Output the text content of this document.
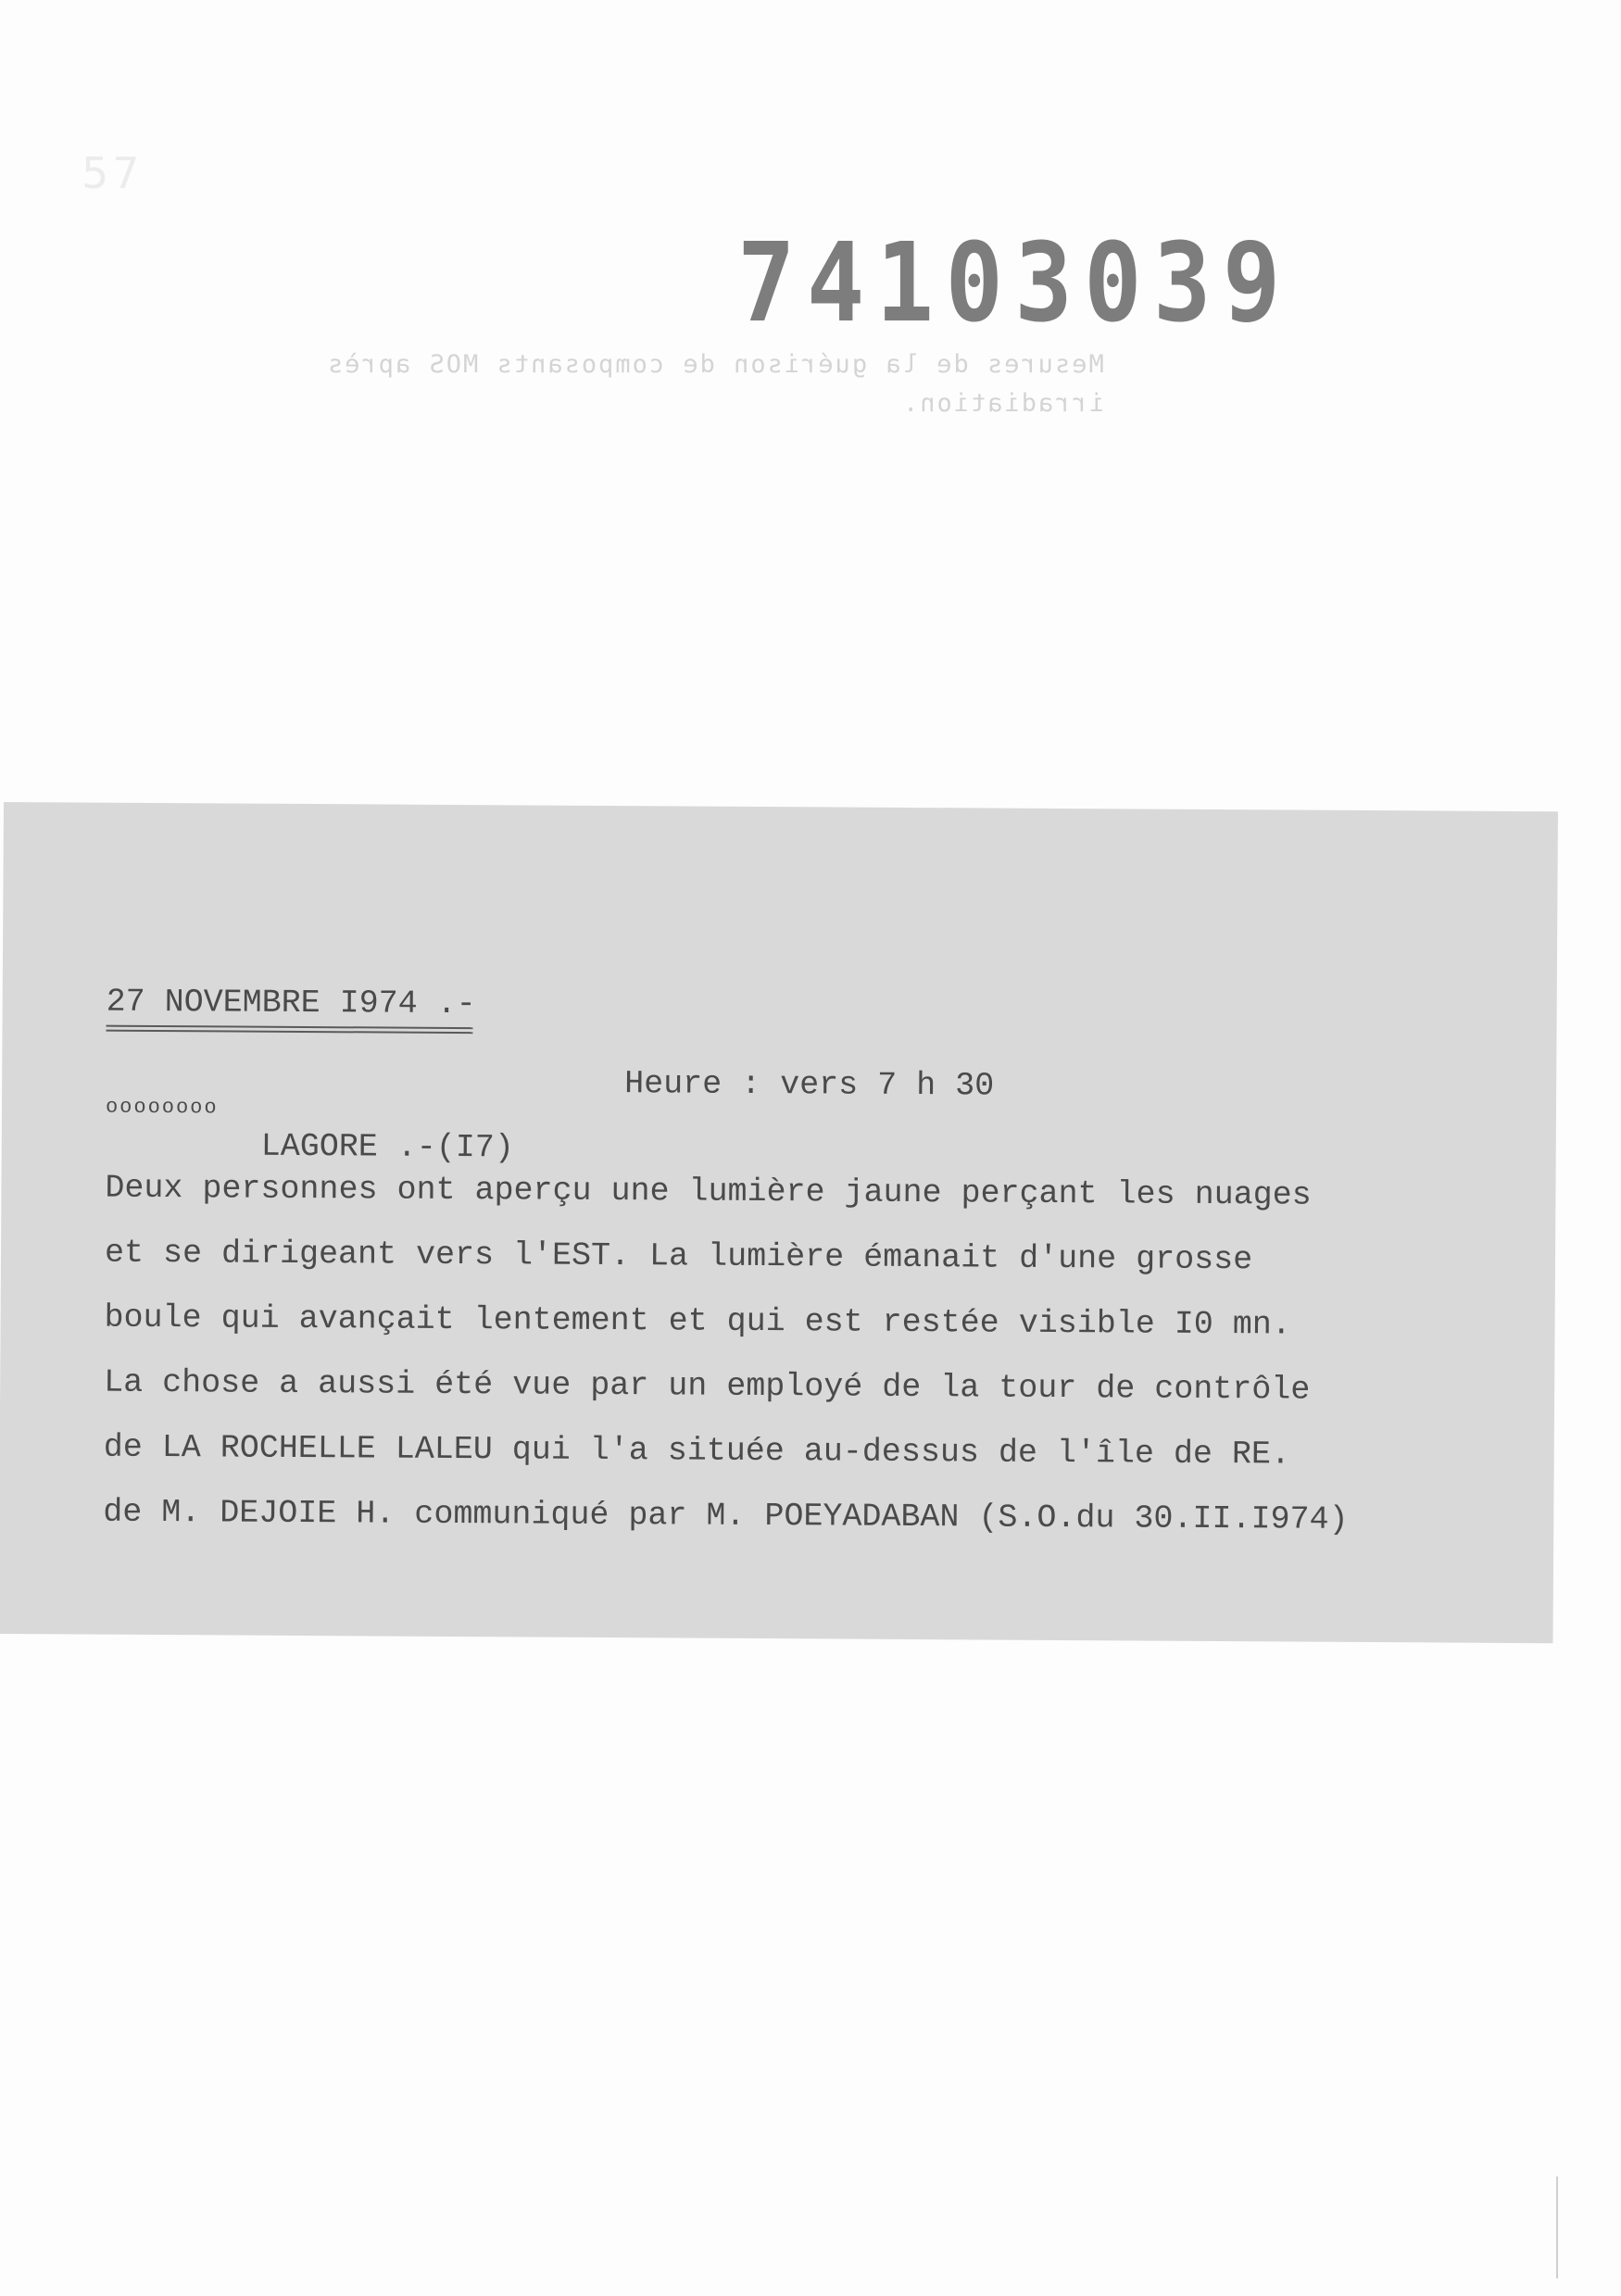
57
74103039
Mesures de la guérison de composants MOS après
irradiation.
27 NOVEMBRE I974 .-

LAGORE .-(I7)

Heure : vers 7 h 30

oooooooo
Deux personnes ont aperçu une lumière jaune perçant les nuages
et se dirigeant vers l'EST. La lumière émanait d'une grosse
boule qui avançait lentement et qui est restée visible I0 mn.
La chose a aussi été vue par un employé de la tour de contrôle
de LA ROCHELLE LALEU qui l'a située au-dessus de l'île de RE.
de M. DEJOIE H. communiqué par M. POEYADABAN (S.O.du 30.II.I974)
